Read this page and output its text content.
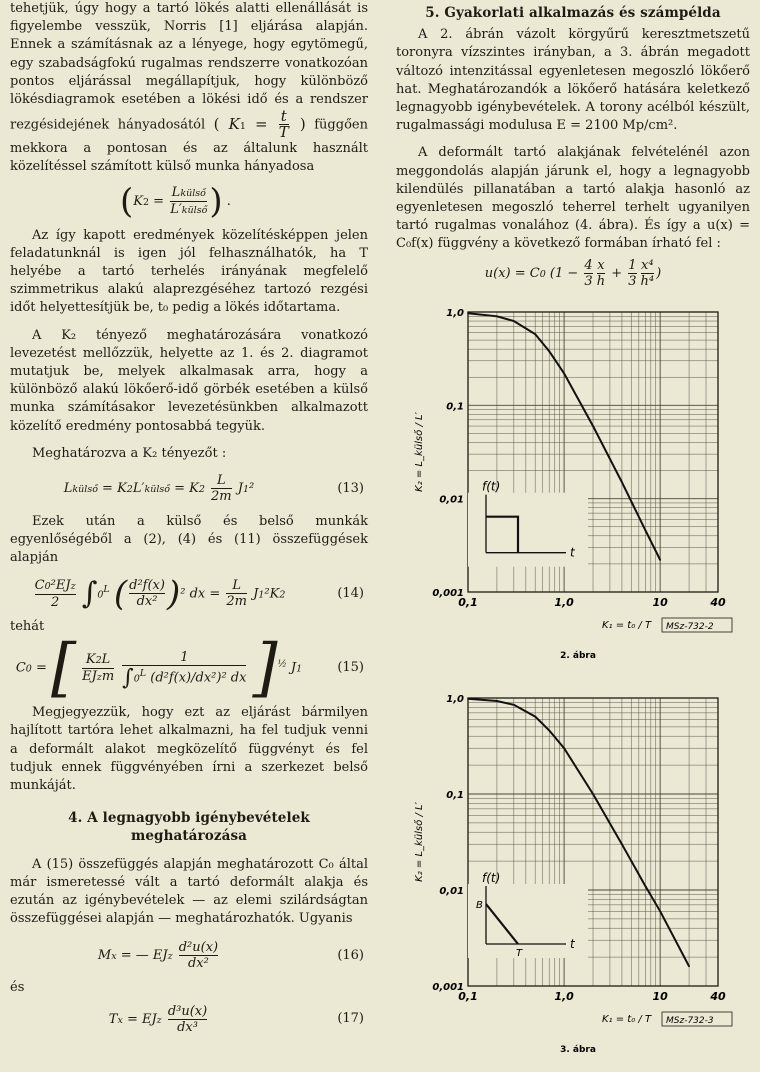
tehetjük, úgy hogy a tartó lökés alatti ellenállását is figyelembe vesszük, Norris [1] eljárása alapján. Ennek a számításnak az a lényege, hogy egytömegű, egy szabadságfokú rugalmas rendszerre vonatkozóan pontos eljárással megállapítjuk, hogy különböző lökésdiagramok esetében a lökési idő és a rendszer rezgésidejének hányadosától ( $K1 = \frac{t}{T}$ ) függően mekkora a pontosan és az általunk használt közelítéssel számított külső munka hányadosa

($K2 = \frac{\text{Lkülső}}{\text{L′külső}}$ ) .

Az így kapott eredmények közelítésképpen jelen feladatunknál is igen jól felhasználhatók, ha T helyébe a tartó terhelés irányának megfelelő szimmetrikus alakú alaprezgéséhez tartozó rezgési időt helyettesítjük be, t₀ pedig a lökés időtartama.

A K₂ tényező meghatározására vonatkozó levezetést mellőzzük, helyette az 1. és 2. diagramot mutatjuk be, melyek alkalmasak arra, hogy a különböző alakú lökőerő-idő görbék esetében a külső munka számításakor levezetésünkben alkalmazott közelítő eredmény pontosabbá tegyük.

Meghatározva a K₂ tényezőt :

Lkülső = K2L′külső = $K2 \frac{L}{2m} J1^2$	(13)

Ezek után a külső és belső munkák egyenlőségéből a (2), (4) és (11) összefüggések alapján

$\frac{\text{C0²EJz}}{2} \int 0^L$ ( $\frac{\text{d²f(x)}}{\text{dx²}} )^2$ dx = $\frac{L}{2m} J1^2K2$	(14)

tehát

C0 = [ $\frac{K2L}{\text{EJzm}}$
$\frac{1}{\int 0^L (d^2f(x)/dx^2)^2 dx} ]^{\frac{1}{2}}$ J1	(15)

Megjegyezzük, hogy ezt az eljárást bármilyen hajlított tartóra lehet alkalmazni, ha fel tudjuk venni a deformált alakot megközelítő függvényt és fel tudjuk ennek függvényében írni a szerkezet belső munkáját.

4. A legnagyobb igénybevételek meghatározása

A (15) összefüggés alapján meghatározott C₀ által már ismeretessé vált a tartó deformált alakja és ezután az igénybevételek — az elemi szilárdságtan összefüggései alapján — meghatározhatók. Ugyanis

Mx = — EJz $\frac{\text{d²u(x)}}{\text{dx²}}$	(16)

és

Tx = EJz $\frac{\text{d³u(x)}}{\text{dx³}}$	(17)
5. Gyakorlati alkalmazás és számpélda

A 2. ábrán vázolt körgyűrű keresztmetszetű toronyra vízszintes irányban, a 3. ábrán megadott változó intenzitással egyenletesen megoszló lökőerő hat. Meghatározandók a lökőerő hatására keletkező legnagyobb igénybevételek. A torony acélból készült, rugalmassági modulusa E = 2100 Mp/cm².

A deformált tartó alakjának felvételénél azon meggondolás alapján járunk el, hogy a legnagyobb kilendülés pillanatában a tartó alakja hasonló az egyenletesen megoszló teherrel terhelt ugyanilyen tartó rugalmas vonalához (4. ábra). És így a u(x) = C₀f(x) függvény a következő formában írható fel :

u(x) = C0 ($1 - \frac{4}{3} \frac{x}{h} + \frac{1}{3} \frac{\text{x⁴}}{\text{h⁴}}$ )
0,1	1,0	10	40
1,0
0,1
0,01
0,001
f(t)
t
K₂ = L_külső / L′
K₁ = t₀ / T MSz-732-2
2. ábra
0,1	1,0	10	40
1,0
0,1
0,01
0,001
B
T
f(t)
t
K₂ = L_külső / L′
K₁ = t₀ / T MSz-732-3
3. ábra
